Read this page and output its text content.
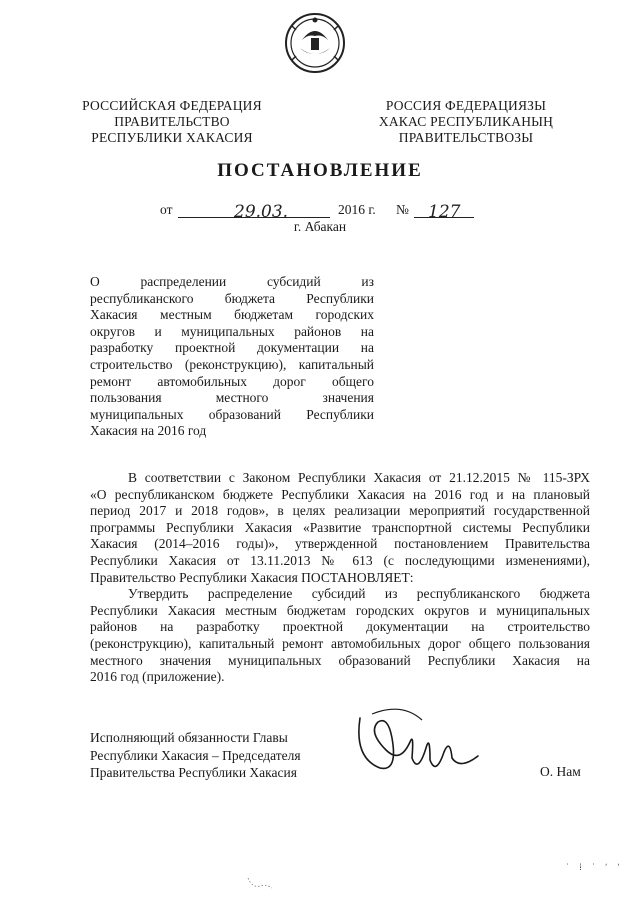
РОССИЙСКАЯ ФЕДЕРАЦИЯ
ПРАВИТЕЛЬСТВО
РЕСПУБЛИКИ ХАКАСИЯ
РОССИЯ ФЕДЕРАЦИЯЗЫ
ХАКАС РЕСПУБЛИКАНЫҢ
ПРАВИТЕЛЬСТВОЗЫ
ПОСТАНОВЛЕНИЕ
от	29.03.	2016 г. № 127
г. Абакан
О распределении субсидий из
республиканского бюджета Республики
Хакасия местным бюджетам городских
округов и муниципальных районов на
разработку проектной документации на
строительство (реконструкцию), капитальный
ремонт автомобильных дорог общего
пользования местного значения
муниципальных образований Республики
Хакасия на 2016 год
В соответствии с Законом Республики Хакасия от 21.12.2015 № 115-ЗРХ
«О республиканском бюджете Республики Хакасия на 2016 год и на плановый
период 2017 и 2018 годов», в целях реализации мероприятий государственной
программы Республики Хакасия «Развитие транспортной системы Республики
Хакасия (2014–2016 годы)», утвержденной постановлением Правительства
Республики Хакасия от 13.11.2013 № 613 (с последующими изменениями),
Правительство Республики Хакасия ПОСТАНОВЛЯЕТ:
Утвердить распределение субсидий из республиканского бюджета
Республики Хакасия местным бюджетам городских округов и муниципальных
районов на разработку проектной документации на строительство
(реконструкцию), капитальный ремонт автомобильных дорог общего пользования
местного значения муниципальных образований Республики Хакасия на
2016 год (приложение).
Исполняющий обязанности Главы
Республики Хакасия – Председателя
Правительства Республики Хакасия	О. Нам
˙ ⁞ ʾ ʹ ʹ
